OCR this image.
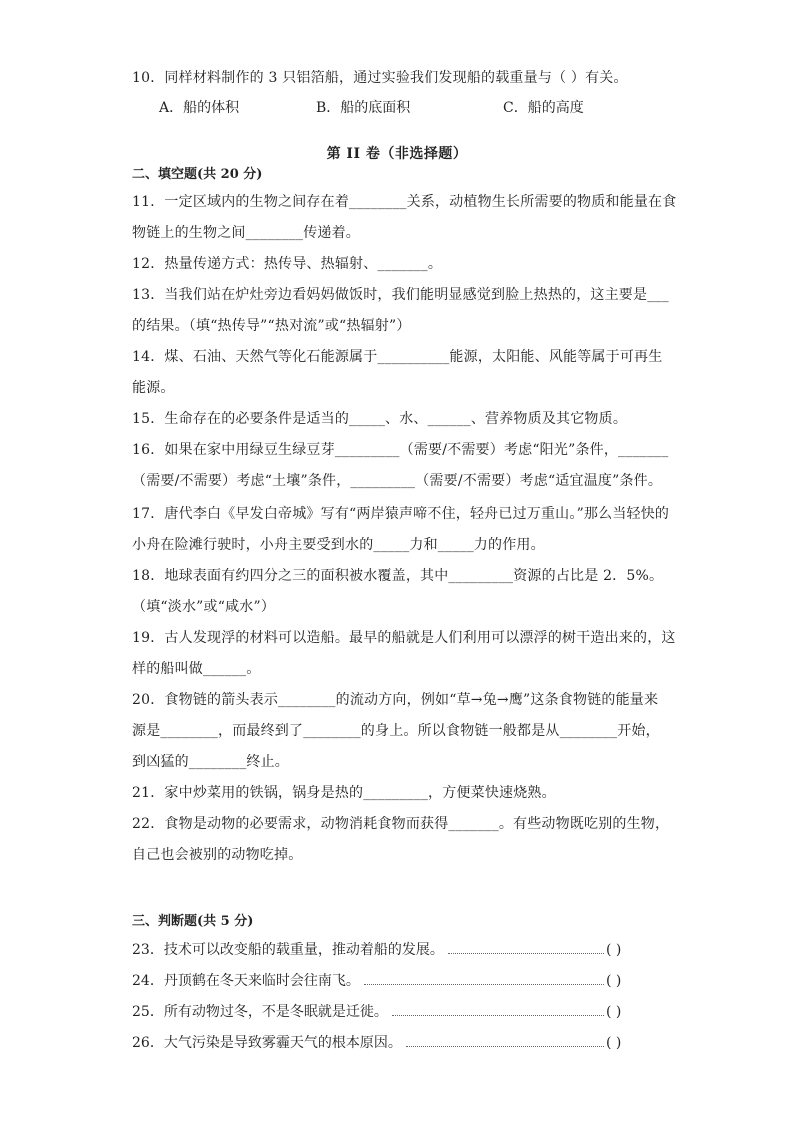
10．同样材料制作的 3 只铝箔船，通过实验我们发现船的载重量与（ ）有关。
A．船的体积	B．船的底面积	C．船的高度
第 II 卷（非选择题）
二、填空题(共 20 分)
11．一定区域内的生物之间存在着________关系，动植物生长所需要的物质和能量在食
物链上的生物之间________传递着。
12．热量传递方式：热传导、热辐射、_______。
13．当我们站在炉灶旁边看妈妈做饭时，我们能明显感觉到脸上热热的，这主要是___
的结果。（填“热传导”“热对流”或“热辐射”）
14．煤、石油、天然气等化石能源属于__________能源，太阳能、风能等属于可再生
能源。
15．生命存在的必要条件是适当的_____、水、______、营养物质及其它物质。
16．如果在家中用绿豆生绿豆芽_________（需要/不需要）考虑“阳光”条件，_______
（需要/不需要）考虑“土壤”条件，_________（需要/不需要）考虑“适宜温度”条件。
17．唐代李白《早发白帝城》写有“两岸猿声啼不住，轻舟已过万重山。”那么当轻快的
小舟在险滩行驶时，小舟主要受到水的_____力和_____力的作用。
18．地球表面有约四分之三的面积被水覆盖，其中_________资源的占比是 2．5%。
（填“淡水”或“咸水”）
19．古人发现浮的材料可以造船。最早的船就是人们利用可以漂浮的树干造出来的，这
样的船叫做______。
20．食物链的箭头表示________的流动方向，例如“草→兔→鹰”这条食物链的能量来
源是________，而最终到了________的身上。所以食物链一般都是从________开始，
到凶猛的________终止。
21．家中炒菜用的铁锅，锅身是热的_________，方便菜快速烧熟。
22．食物是动物的必要需求，动物消耗食物而获得_______。有些动物既吃别的生物，
自己也会被别的动物吃掉。
三、判断题(共 5 分)
23．技术可以改变船的载重量，推动着船的发展。	( )
24．丹顶鹤在冬天来临时会往南飞。	( )
25．所有动物过冬，不是冬眠就是迁徙。	( )
26．大气污染是导致雾霾天气的根本原因。	( )
